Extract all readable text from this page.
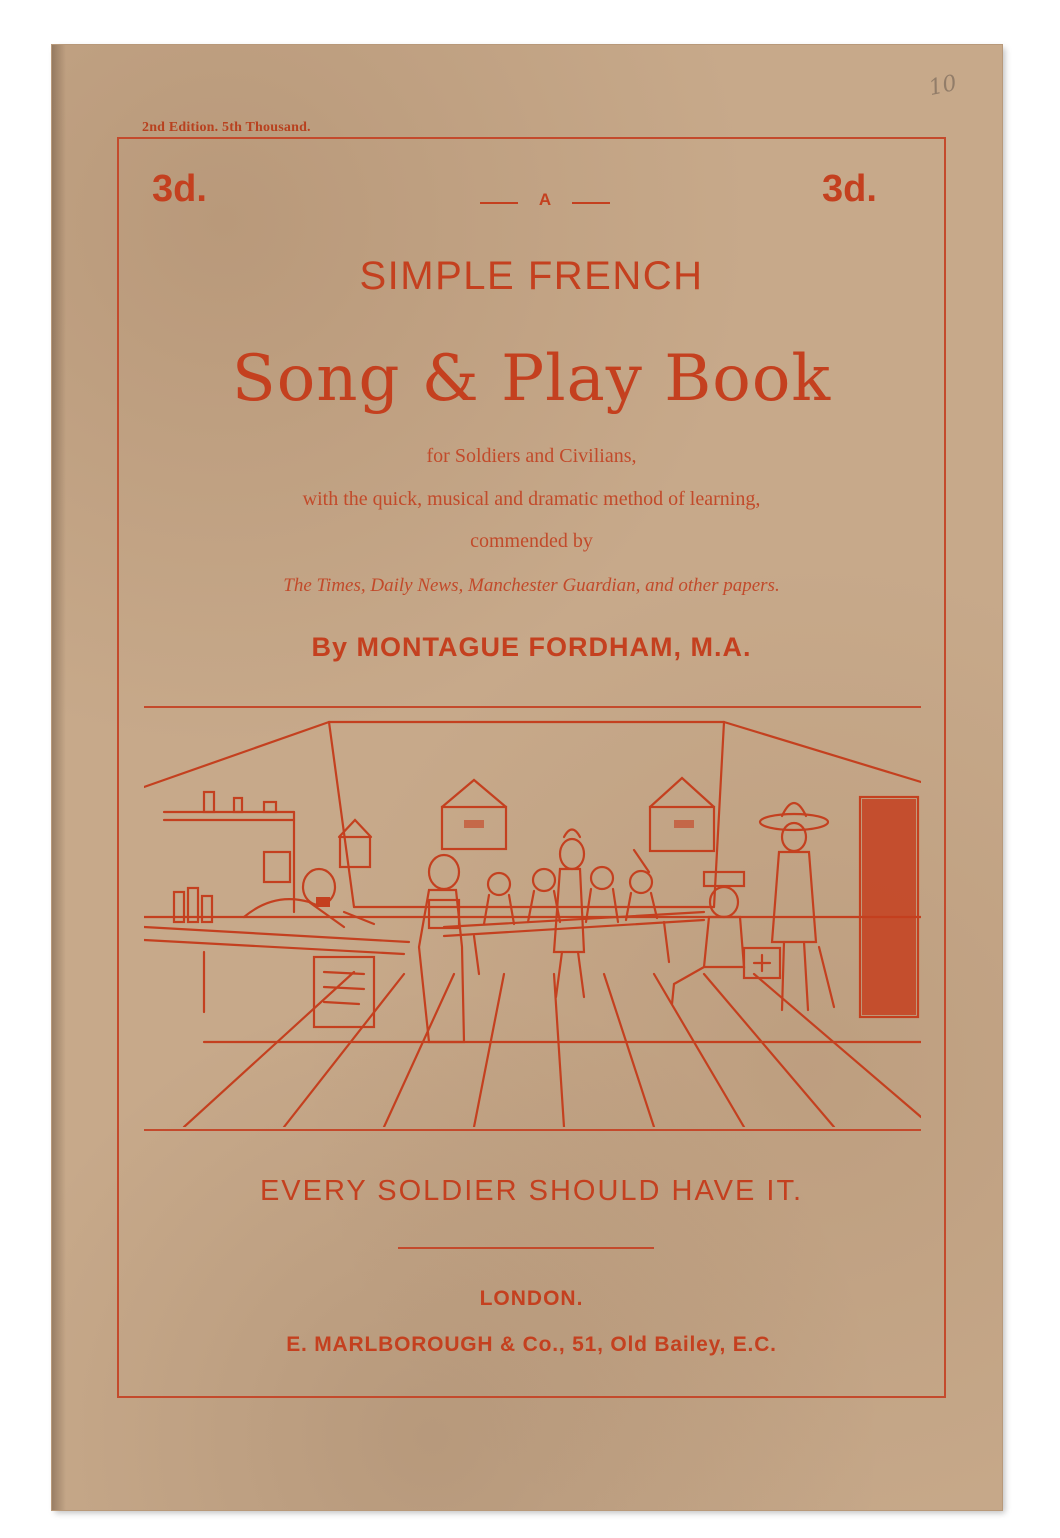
10
2nd Edition. 5th Thousand.
3d.	3d.
A
SIMPLE FRENCH
Song & Play Book
for Soldiers and Civilians,
with the quick, musical and dramatic method of learning,
commended by
The Times, Daily News, Manchester Guardian, and other papers.
By MONTAGUE FORDHAM, M.A.
EVERY SOLDIER SHOULD HAVE IT.
LONDON.
E. MARLBOROUGH & Co., 51, Old Bailey, E.C.
